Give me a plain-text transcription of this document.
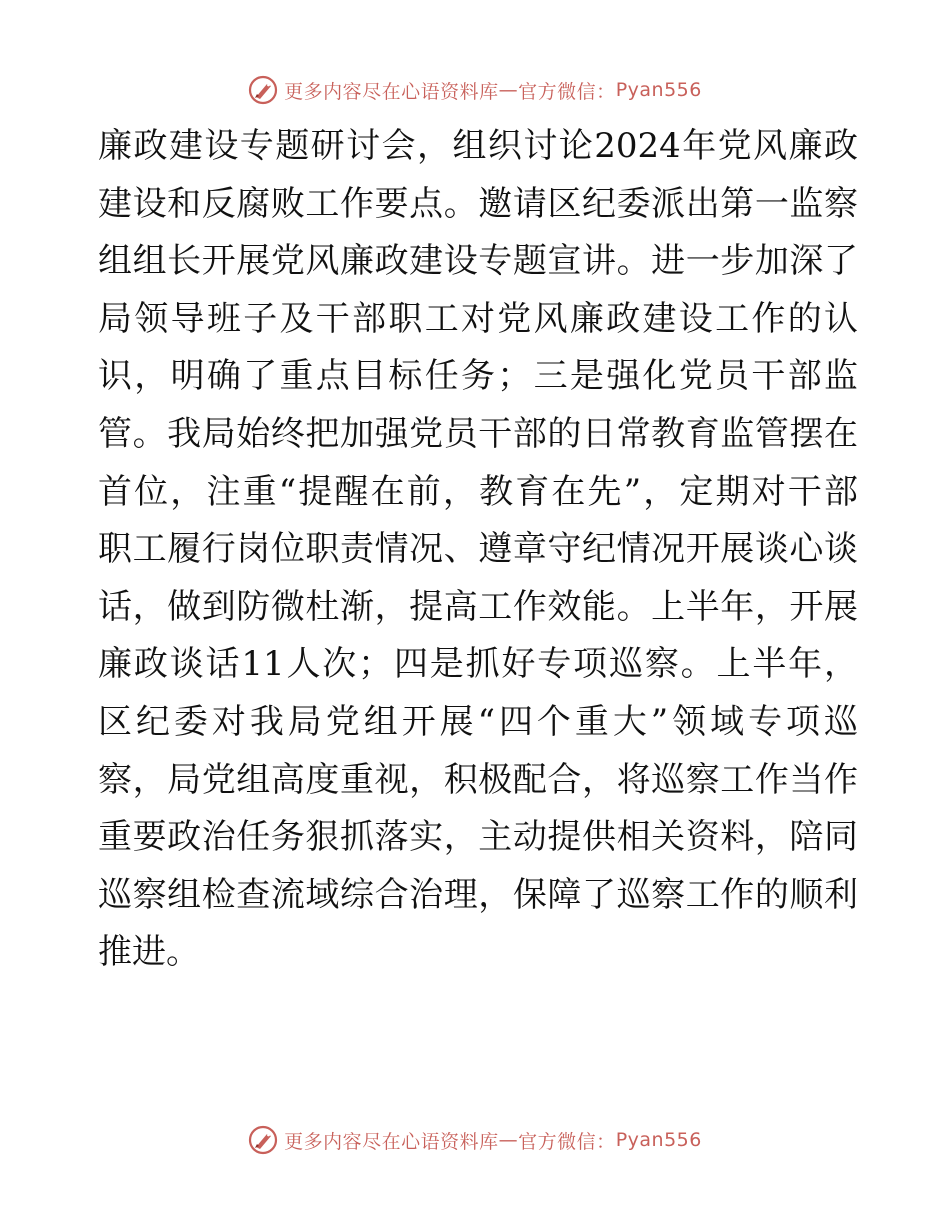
更多内容尽在心语资料库 — 官方微信： Pyan556
廉政建设专题研讨会，组织讨论2024年党风廉政
建设和反腐败工作要点。邀请区纪委派出第一监察
组组长开展党风廉政建设专题宣讲。进一步加深了
局领导班子及干部职工对党风廉政建设工作的认
识，明确了重点目标任务；三是强化党员干部监
管。我局始终把加强党员干部的日常教育监管摆在
首位，注重“提醒在前，教育在先”，定期对干部
职工履行岗位职责情况、遵章守纪情况开展谈心谈
话，做到防微杜渐，提高工作效能。上半年，开展
廉政谈话11人次；四是抓好专项巡察。上半年，
区纪委对我局党组开展“四个重大”领域专项巡
察，局党组高度重视，积极配合，将巡察工作当作
重要政治任务狠抓落实，主动提供相关资料，陪同
巡察组检查流域综合治理，保障了巡察工作的顺利
推进。
更多内容尽在心语资料库 — 官方微信： Pyan556
